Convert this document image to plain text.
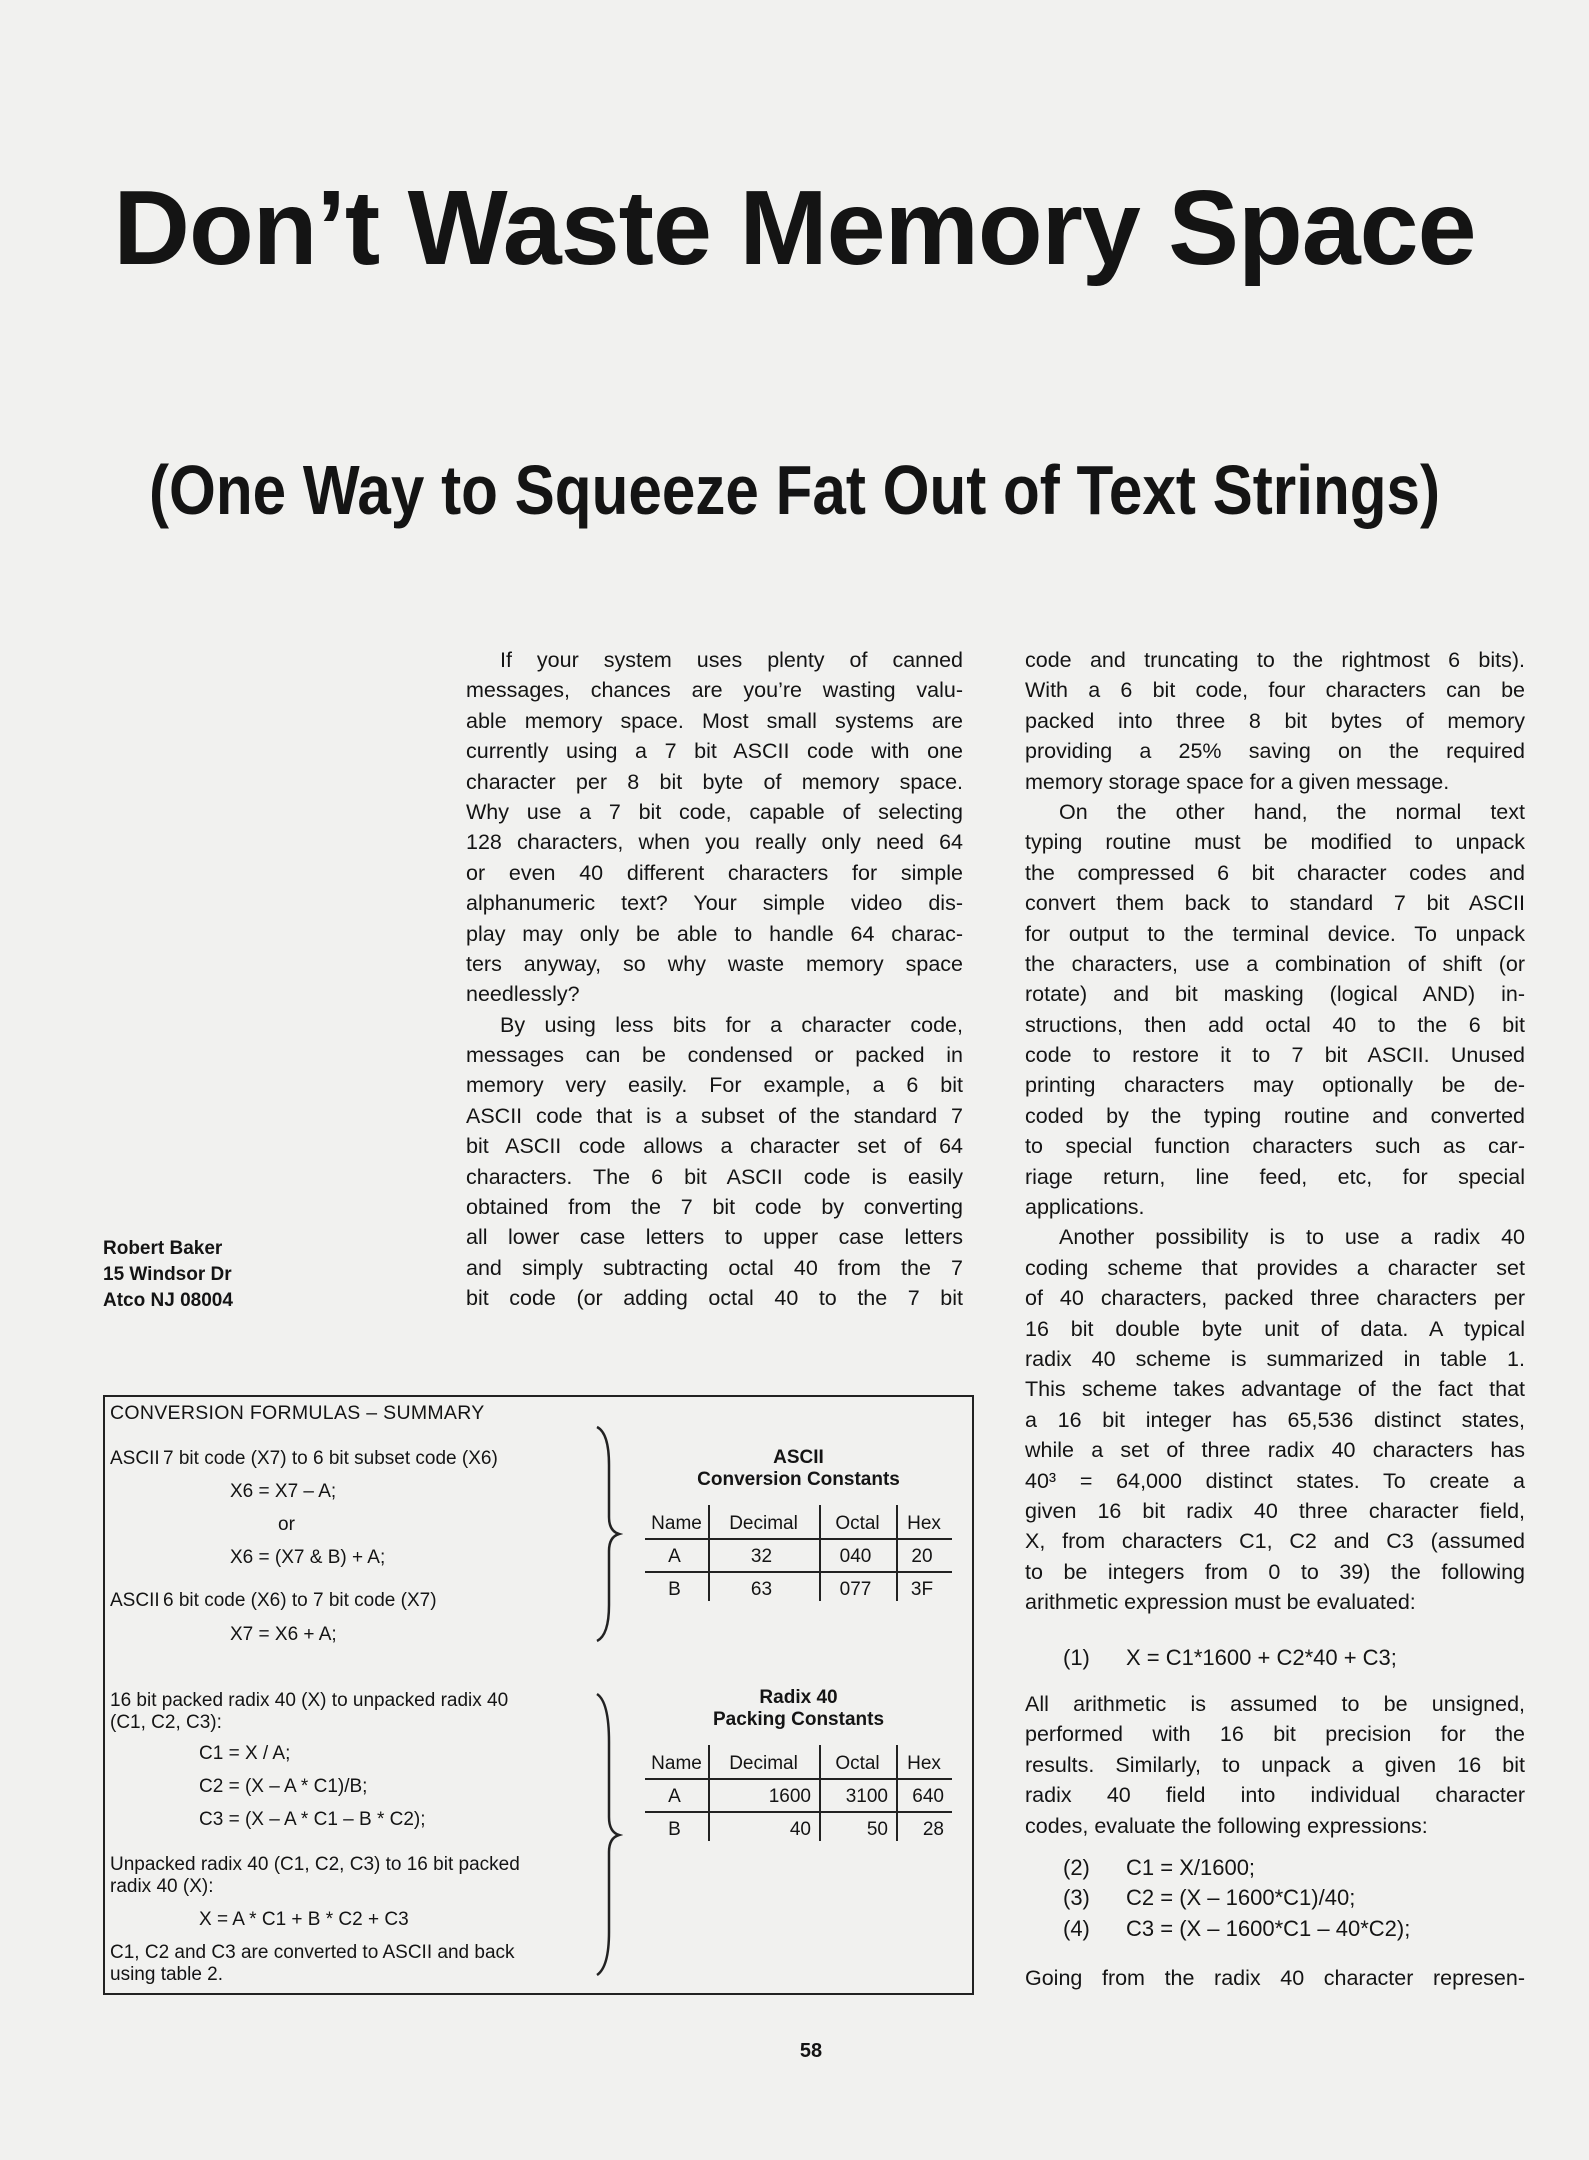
Don’t Waste Memory Space
(One Way to Squeeze Fat Out of Text Strings)
If your system uses plenty of canned
messages, chances are you’re wasting valu-
able memory space. Most small systems are
currently using a 7 bit ASCII code with one
character per 8 bit byte of memory space.
Why use a 7 bit code, capable of selecting
128 characters, when you really only need 64
or even 40 different characters for simple
alphanumeric text? Your simple video dis-
play may only be able to handle 64 charac-
ters anyway, so why waste memory space
needlessly?
By using less bits for a character code,
messages can be condensed or packed in
memory very easily. For example, a 6 bit
ASCII code that is a subset of the standard 7
bit ASCII code allows a character set of 64
characters. The 6 bit ASCII code is easily
obtained from the 7 bit code by converting
all lower case letters to upper case letters
and simply subtracting octal 40 from the 7
bit code (or adding octal 40 to the 7 bit
code and truncating to the rightmost 6 bits).
With a 6 bit code, four characters can be
packed into three 8 bit bytes of memory
providing a 25% saving on the required
memory storage space for a given message.
On the other hand, the normal text
typing routine must be modified to unpack
the compressed 6 bit character codes and
convert them back to standard 7 bit ASCII
for output to the terminal device. To unpack
the characters, use a combination of shift (or
rotate) and bit masking (logical AND) in-
structions, then add octal 40 to the 6 bit
code to restore it to 7 bit ASCII. Unused
printing characters may optionally be de-
coded by the typing routine and converted
to special function characters such as car-
riage return, line feed, etc, for special
applications.
Another possibility is to use a radix 40
coding scheme that provides a character set
of 40 characters, packed three characters per
16 bit double byte unit of data. A typical
radix 40 scheme is summarized in table 1.
This scheme takes advantage of the fact that
a 16 bit integer has 65,536 distinct states,
while a set of three radix 40 characters has
40³ = 64,000 distinct states. To create a
given 16 bit radix 40 three character field,
X, from characters C1, C2 and C3 (assumed
to be integers from 0 to 39) the following
arithmetic expression must be evaluated:
(1) X = C1*1600 + C2*40 + C3;
All arithmetic is assumed to be unsigned,
performed with 16 bit precision for the
results. Similarly, to unpack a given 16 bit
radix 40 field into individual character
codes, evaluate the following expressions:
(2) C1 = X/1600;
(3) C2 = (X – 1600*C1)/40;
(4) C3 = (X – 1600*C1 – 40*C2);
Going from the radix 40 character represen-
Robert Baker
15 Windsor Dr
Atco NJ 08004
CONVERSION FORMULAS – SUMMARY
ASCII 7 bit code (X7) to 6 bit subset code (X6)
X6 = X7 – A;
or
X6 = (X7 & B) + A;
ASCII 6 bit code (X6) to 7 bit code (X7)
X7 = X6 + A;
16 bit packed radix 40 (X) to unpacked radix 40
(C1, C2, C3):
C1 = X / A;
C2 = (X – A * C1)/B;
C3 = (X – A * C1 – B * C2);
Unpacked radix 40 (C1, C2, C3) to 16 bit packed
radix 40 (X):
X = A * C1 + B * C2 + C3
C1, C2 and C3 are converted to ASCII and back
using table 2.
ASCII
Conversion Constants
Name	Decimal	Octal	Hex
A	32	040	20
B	63	077	3F
Radix 40
Packing Constants
Name	Decimal	Octal	Hex
A	1600	3100	640
B	40	50	28
58
